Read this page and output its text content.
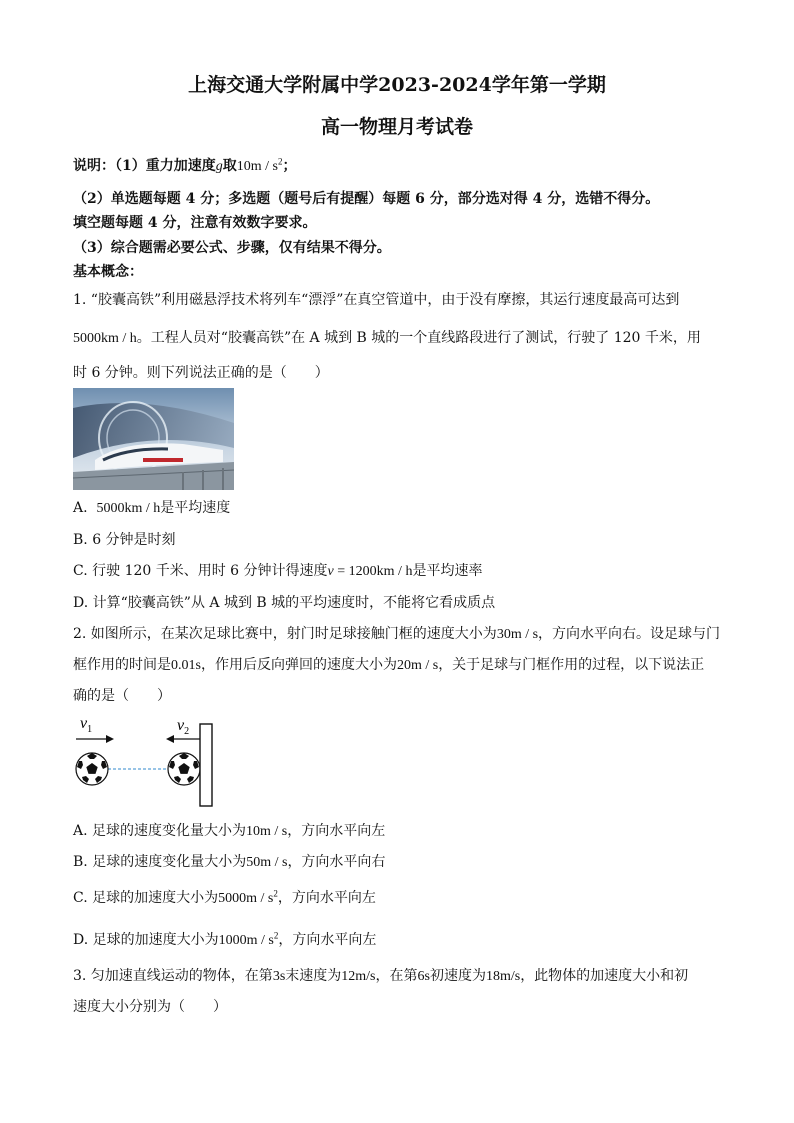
上海交通大学附属中学2023-2024学年第一学期
高一物理月考试卷
说明：（1）重力加速度g取$10m / s^2$；
（2）单选题每题 4 分；多选题（题号后有提醒）每题 6 分，部分选对得 4 分，选错不得分。
填空题每题 4 分，注意有效数字要求。
（3）综合题需必要公式、步骤，仅有结果不得分。
基本概念：
1. “胶囊高铁”利用磁悬浮技术将列车“漂浮”在真空管道中，由于没有摩擦，其运行速度最高可达到
5000km / h。工程人员对“胶囊高铁”在 A 城到 B 城的一个直线路段进行了测试，行驶了 120 千米，用
时 6 分钟。则下列说法正确的是（　　）
A. 5000km / h是平均速度
B. 6 分钟是时刻
C. 行驶 120 千米、用时 6 分钟计得速度v = 1200km / h是平均速率
D. 计算“胶囊高铁”从 A 城到 B 城的平均速度时，不能将它看成质点
2. 如图所示，在某次足球比赛中，射门时足球接触门框的速度大小为30m / s，方向水平向右。设足球与门
框作用的时间是0.01s，作用后反向弹回的速度大小为20m / s，关于足球与门框作用的过程，以下说法正
确的是（　　）
$v_1$	$v_2$
A. 足球的速度变化量大小为10m / s，方向水平向左
B. 足球的速度变化量大小为50m / s，方向水平向右
C. 足球的加速度大小为$5000m / s^2$，方向水平向左
D. 足球的加速度大小为$1000m / s^2$，方向水平向左
3. 匀加速直线运动的物体，在第3s末速度为12m/s，在第6s初速度为18m/s，此物体的加速度大小和初
速度大小分别为（　　）
